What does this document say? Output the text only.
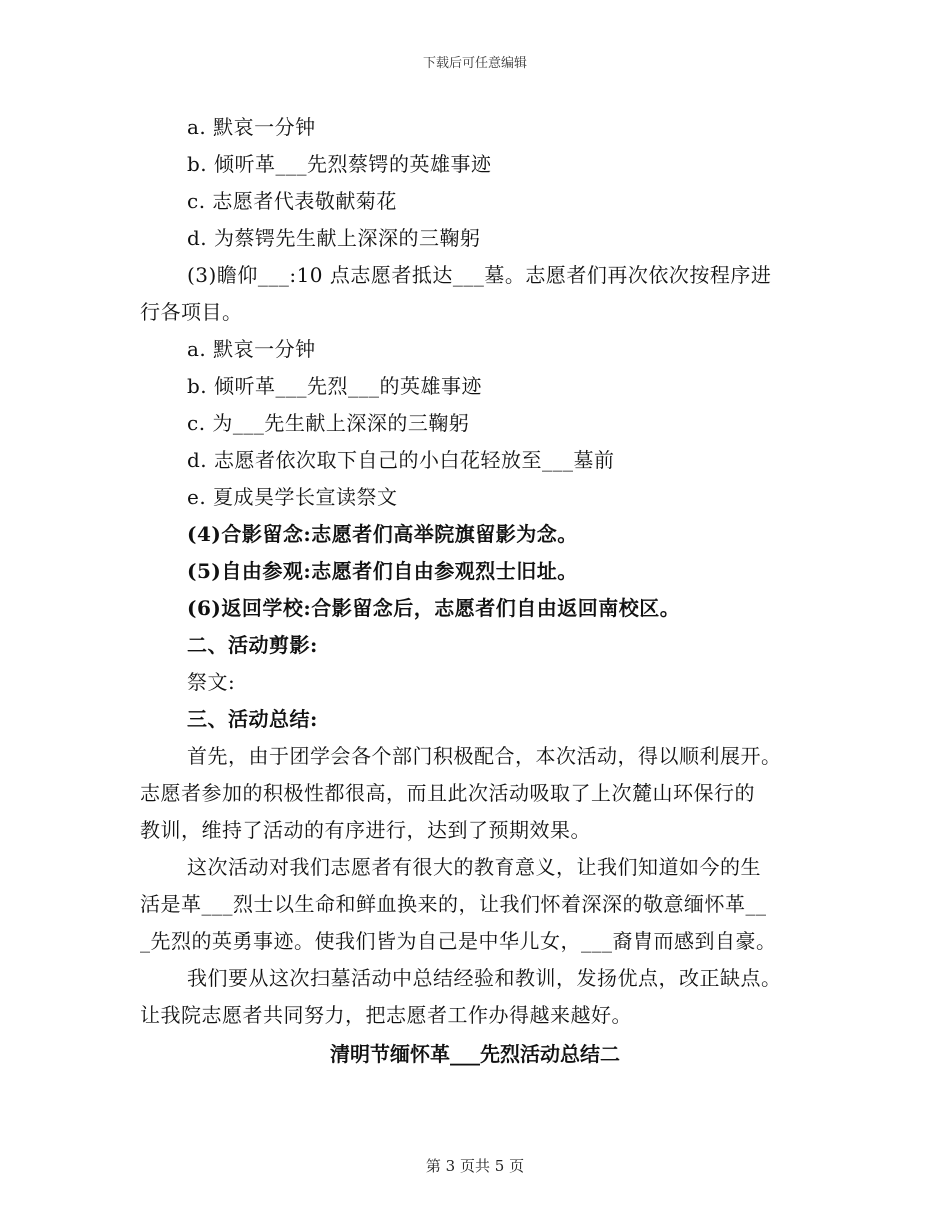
下载后可任意编辑
a. 默哀一分钟
b. 倾听革___先烈蔡锷的英雄事迹
c. 志愿者代表敬献菊花
d. 为蔡锷先生献上深深的三鞠躬
(3)瞻仰___:10 点志愿者抵达___墓。志愿者们再次依次按程序进
行各项目。
a. 默哀一分钟
b. 倾听革___先烈___的英雄事迹
c. 为___先生献上深深的三鞠躬
d. 志愿者依次取下自己的小白花轻放至___墓前
e. 夏成昊学长宣读祭文
(4)合影留念:志愿者们高举院旗留影为念。
(5)自由参观:志愿者们自由参观烈士旧址。
(6)返回学校:合影留念后，志愿者们自由返回南校区。
二、活动剪影:
祭文:
三、活动总结:
首先，由于团学会各个部门积极配合，本次活动，得以顺利展开。
志愿者参加的积极性都很高，而且此次活动吸取了上次麓山环保行的
教训，维持了活动的有序进行，达到了预期效果。
这次活动对我们志愿者有很大的教育意义，让我们知道如今的生
活是革___烈士以生命和鲜血换来的，让我们怀着深深的敬意缅怀革__
_先烈的英勇事迹。使我们皆为自己是中华儿女，___裔胄而感到自豪。
我们要从这次扫墓活动中总结经验和教训，发扬优点，改正缺点。
让我院志愿者共同努力，把志愿者工作办得越来越好。
清明节缅怀革___先烈活动总结二
第 3 页共 5 页
